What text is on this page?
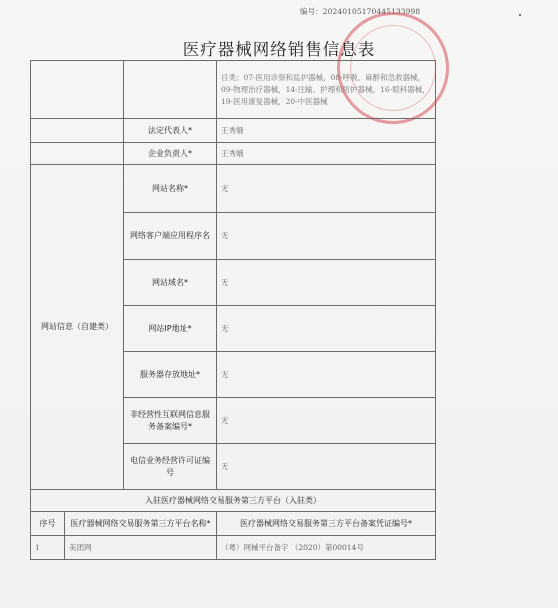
编号：20240105170445133998
医疗器械网络销售信息表
			目类；07-医用诊察和监护器械，08-呼吸、麻醉和急救器械，09-物理治疗器械，14-注输、护理和防护器械，16-眼科器械，19-医用康复器械，20-中医器械
		法定代表人*	王秀娥
		企业负责人*	王秀娥
网站信息（自建类）		网站名称*	无
		网络客户端应用程序名	无
		网站域名*	无
		网站IP地址*	无
		服务器存放地址*	无
		非经营性互联网信息服务备案编号*	无
		电信业务经营许可证编号	无
入驻医疗器械网络交易服务第三方平台（入驻类）			
序号	医疗器械网络交易服务第三方平台名称*		医疗器械网络交易服务第三方平台备案凭证编号*
1	美团网		（粤）网械平台备字 （2020）第00014号
